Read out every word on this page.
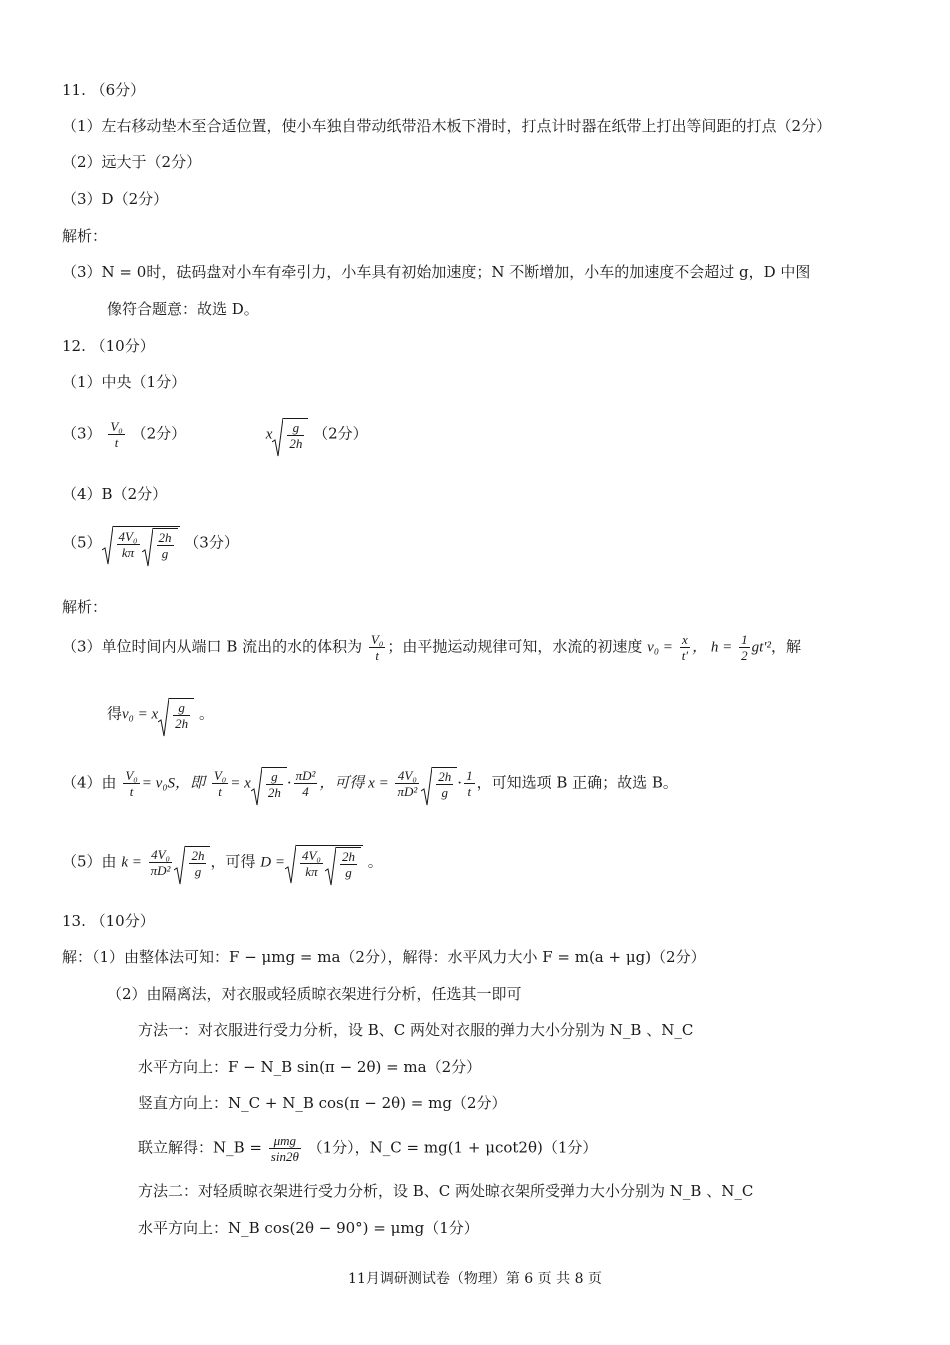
11. （6分）
（1）左右移动垫木至合适位置，使小车独自带动纸带沿木板下滑时，打点计时器在纸带上打出等间距的打点（2分）
（2）远大于（2分）
（3）D（2分）
解析：
（3）N = 0时，砝码盘对小车有牵引力，小车具有初始加速度；N 不断增加，小车的加速度不会超过 g，D 中图
像符合题意：故选 D。
12. （10分）
（1）中央（1分）
$(3) \frac{\text{V₀}}{t} (2$分）	x $\frac{g}{2h} (2$分）
（4）B（2分）
$(5) \frac{\text{4V₀}}{k\pi} \frac{2h}{g} (3$分）
解析：
（3）单位时间内从端口 B 流出的水的体积为 $\frac{\text{V₀}}{t}$ ；由平抛运动规律可知，水流的初速度 $v_0 = \frac{x}{t'}$ ， $h = \frac{1}{2} gt'^2$，解
得v₀ = x $\frac{g}{2h}$ 。
（4）由 $\frac{\text{V₀}}{t} = v_0S$，即 $\frac{\text{V₀}}{t} = x \frac{g}{2h} \cdot \frac{\text{πD²}}{4}$ ，可得 $x = \frac{\text{4V₀}}{\text{πD²}} \frac{2h}{g} \cdot \frac{1}{t}$ ，可知选项 B 正确；故选 B。
（5）由 $k = \frac{\text{4V₀}}{\text{πD²}} \frac{2h}{g}$ ，可得 $D = \frac{\text{4V₀}}{k\pi} \frac{2h}{g}$ 。
13. （10分）
解：（1）由整体法可知：F − μmg = ma（2分），解得：水平风力大小 F = m(a + μg)（2分）
（2）由隔离法，对衣服或轻质晾衣架进行分析，任选其一即可
方法一：对衣服进行受力分析，设 B、C 两处对衣服的弹力大小分别为 N_B 、N_C
水平方向上：F − N_B sin(π − 2θ) = ma（2分）
竖直方向上：N_C + N_B cos(π − 2θ) = mg（2分）
联立解得：N_B = $\frac{\text{μmg}}{\sin 2\theta} (1$分），N_C = mg(1 + μcot2θ)（1分）
方法二：对轻质晾衣架进行受力分析，设 B、C 两处晾衣架所受弹力大小分别为 N_B 、N_C
水平方向上：N_B cos(2θ − 90°) = μmg（1分）
11月调研测试卷（物理）第 6 页 共 8 页
